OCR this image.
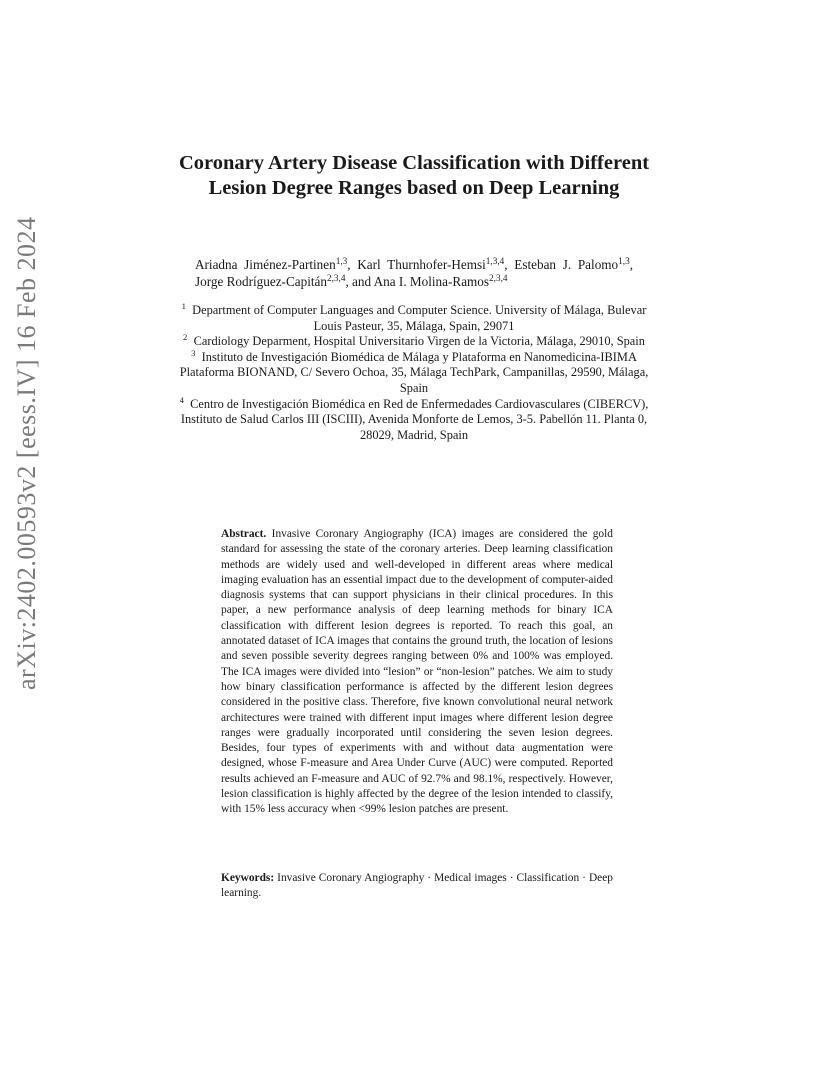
arXiv:2402.00593v2 [eess.IV] 16 Feb 2024
Coronary Artery Disease Classification with Different Lesion Degree Ranges based on Deep Learning
Ariadna Jiménez-Partinen$^{1,3}$, Karl Thurnhofer-Hemsi$^{1,3,4}$, Esteban J. Palomo$^{1,3}$, Jorge Rodríguez-Capitán$^{2,3,4}$, and Ana I. Molina-Ramos$^{2,3,4}$

$^1$ Department of Computer Languages and Computer Science. University of Málaga, Bulevar Louis Pasteur, 35, Málaga, Spain, 29071

$^2$ Cardiology Deparment, Hospital Universitario Virgen de la Victoria, Málaga, 29010, Spain

$^3$ Instituto de Investigación Biomédica de Málaga y Plataforma en Nanomedicina-IBIMA Plataforma BIONAND, C/ Severo Ochoa, 35, Málaga TechPark, Campanillas, 29590, Málaga, Spain

$^4$ Centro de Investigación Biomédica en Red de Enfermedades Cardiovasculares (CIBERCV), Instituto de Salud Carlos III (ISCIII), Avenida Monforte de Lemos, 3-5. Pabellón 11. Planta 0, 28029, Madrid, Spain

Abstract. Invasive Coronary Angiography (ICA) images are considered the gold standard for assessing the state of the coronary arteries. Deep learning classification methods are widely used and well-developed in different areas where medical imaging evaluation has an essential impact due to the development of computer-aided diagnosis systems that can support physicians in their clinical procedures. In this paper, a new performance analysis of deep learning methods for binary ICA classification with different lesion degrees is reported. To reach this goal, an annotated dataset of ICA images that contains the ground truth, the location of lesions and seven possible severity degrees ranging between 0% and 100% was employed. The ICA images were divided into “lesion” or “non-lesion” patches. We aim to study how binary classification performance is affected by the different lesion degrees considered in the positive class. Therefore, five known convolutional neural network architectures were trained with different input images where different lesion degree ranges were gradually incorporated until considering the seven lesion degrees. Besides, four types of experiments with and without data augmentation were designed, whose F-measure and Area Under Curve (AUC) were computed. Reported results achieved an F-measure and AUC of 92.7% and 98.1%, respectively. However, lesion classification is highly affected by the degree of the lesion intended to classify, with 15% less accuracy when <99% lesion patches are present.
Keywords: Invasive Coronary Angiography · Medical images · Classification · Deep learning.
